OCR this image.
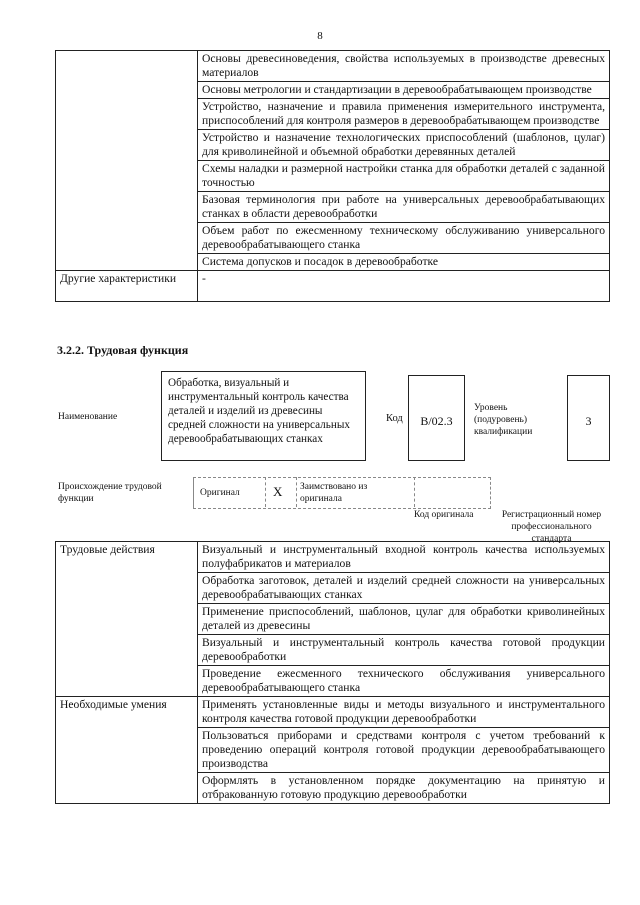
8
	Основы древесиноведения, свойства используемых в производстве древесных материалов
	Основы метрологии и стандартизации в деревообрабатывающем производстве
	Устройство, назначение и правила применения измерительного инструмента, приспособлений для контроля размеров в деревообрабатывающем производстве
	Устройство и назначение технологических приспособлений (шаблонов, цулаг) для криволинейной и объемной обработки деревянных деталей
	Схемы наладки и размерной настройки станка для обработки деталей с заданной точностью
	Базовая терминология при работе на универсальных деревообрабатывающих станках в области деревообработки
	Объем работ по ежесменному техническому обслуживанию универсального деревообрабатывающего станка
	Система допусков и посадок в деревообработке
Другие характеристики	-
3.2.2. Трудовая функция
Наименование
Обработка, визуальный и инструментальный контроль качества деталей и изделий из древесины средней сложности на универсальных деревообрабатывающих станках
Код	B/02.3
Уровень (подуровень) квалификации
3
Происхождение трудовой функции
Оригинал	X Заимствовано из оригинала
Код оригинала	Регистрационный номер профессионального стандарта
Трудовые действия	Визуальный и инструментальный входной контроль качества используемых полуфабрикатов и материалов
	Обработка заготовок, деталей и изделий средней сложности на универсальных деревообрабатывающих станках
	Применение приспособлений, шаблонов, цулаг для обработки криволинейных деталей из древесины
	Визуальный и инструментальный контроль качества готовой продукции деревообработки
	Проведение ежесменного технического обслуживания универсального деревообрабатывающего станка
Необходимые умения	Применять установленные виды и методы визуального и инструментального контроля качества готовой продукции деревообработки
	Пользоваться приборами и средствами контроля с учетом требований к проведению операций контроля готовой продукции деревообрабатывающего производства
	Оформлять в установленном порядке документацию на принятую и отбракованную готовую продукцию деревообработки
